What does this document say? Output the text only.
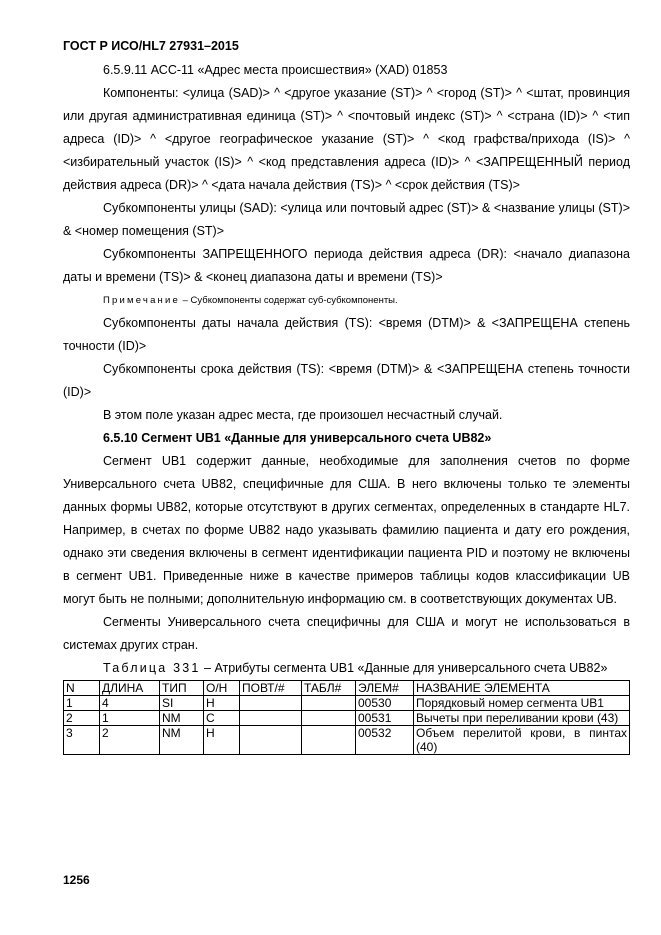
ГОСТ Р ИСО/HL7 27931–2015

6.5.9.11 АСС-11 «Адрес места происшествия» (XAD) 01853

Компоненты: <улица (SAD)> ^ <другое указание (ST)> ^ <город (ST)> ^ <штат, провинция или другая административная единица (ST)> ^ <почтовый индекс (ST)> ^ <страна (ID)> ^ <тип адреса (ID)> ^ <другое географическое указание (ST)> ^ <код графства/прихода (IS)> ^ <избирательный участок (IS)> ^ <код представления адреса (ID)> ^ <ЗАПРЕЩЕННЫЙ период действия адреса (DR)> ^ <дата начала действия (TS)> ^ <срок действия (TS)>

Субкомпоненты улицы (SAD): <улица или почтовый адрес (ST)> & <название улицы (ST)> & <номер помещения (ST)>

Субкомпоненты ЗАПРЕЩЕННОГО периода действия адреса (DR): <начало диапазона даты и времени (TS)> & <конец диапазона даты и времени (TS)>

Примечание – Субкомпоненты содержат суб-субкомпоненты.

Субкомпоненты даты начала действия (TS): <время (DTM)> & <ЗАПРЕЩЕНА степень точности (ID)>

Субкомпоненты срока действия (TS): <время (DTM)> & <ЗАПРЕЩЕНА степень точности (ID)>

В этом поле указан адрес места, где произошел несчастный случай.

6.5.10 Сегмент UB1 «Данные для универсального счета UB82»

Сегмент UB1 содержит данные, необходимые для заполнения счетов по форме Универсального счета UB82, специфичные для США. В него включены только те элементы данных формы UB82, которые отсутствуют в других сегментах, определенных в стандарте HL7. Например, в счетах по форме UB82 надо указывать фамилию пациента и дату его рождения, однако эти сведения включены в сегмент идентификации пациента PID и поэтому не включены в сегмент UB1. Приведенные ниже в качестве примеров таблицы кодов классификации UB могут быть не полными; дополнительную информацию см. в соответствующих документах UB.

Сегменты Универсального счета специфичны для США и могут не использоваться в системах других стран.

Таблица 331 – Атрибуты сегмента UB1 «Данные для универсального счета UB82»

N	ДЛИНА	ТИП	О/Н	ПОВТ/#	ТАБЛ#	ЭЛЕМ#	НАЗВАНИЕ ЭЛЕМЕНТА
1	4	SI	Н			00530	Порядковый номер сегмента UB1
2	1	NM	С			00531	Вычеты при переливании крови (43)
3	2	NM	Н			00532	Объем перелитой крови, в пинтах (40)
1256
